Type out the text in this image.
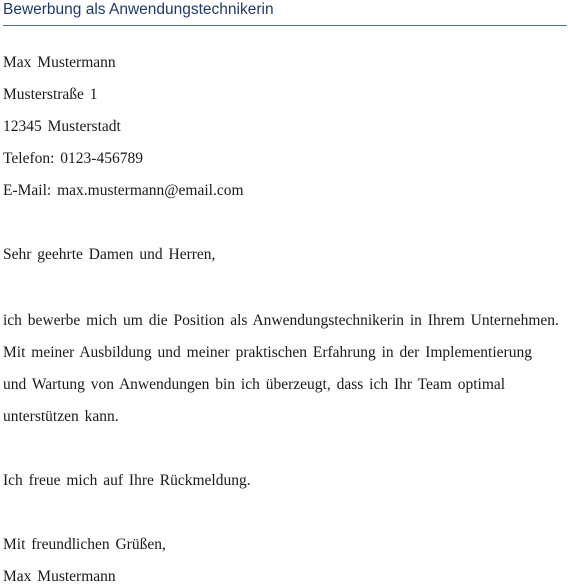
Bewerbung als Anwendungstechnikerin
Max Mustermann
Musterstraße 1
12345 Musterstadt
Telefon: 0123-456789
E-Mail: max.mustermann@email.com
Sehr geehrte Damen und Herren,
ich bewerbe mich um die Position als Anwendungstechnikerin in Ihrem Unternehmen.
Mit meiner Ausbildung und meiner praktischen Erfahrung in der Implementierung
und Wartung von Anwendungen bin ich überzeugt, dass ich Ihr Team optimal
unterstützen kann.
Ich freue mich auf Ihre Rückmeldung.
Mit freundlichen Grüßen,
Max Mustermann
